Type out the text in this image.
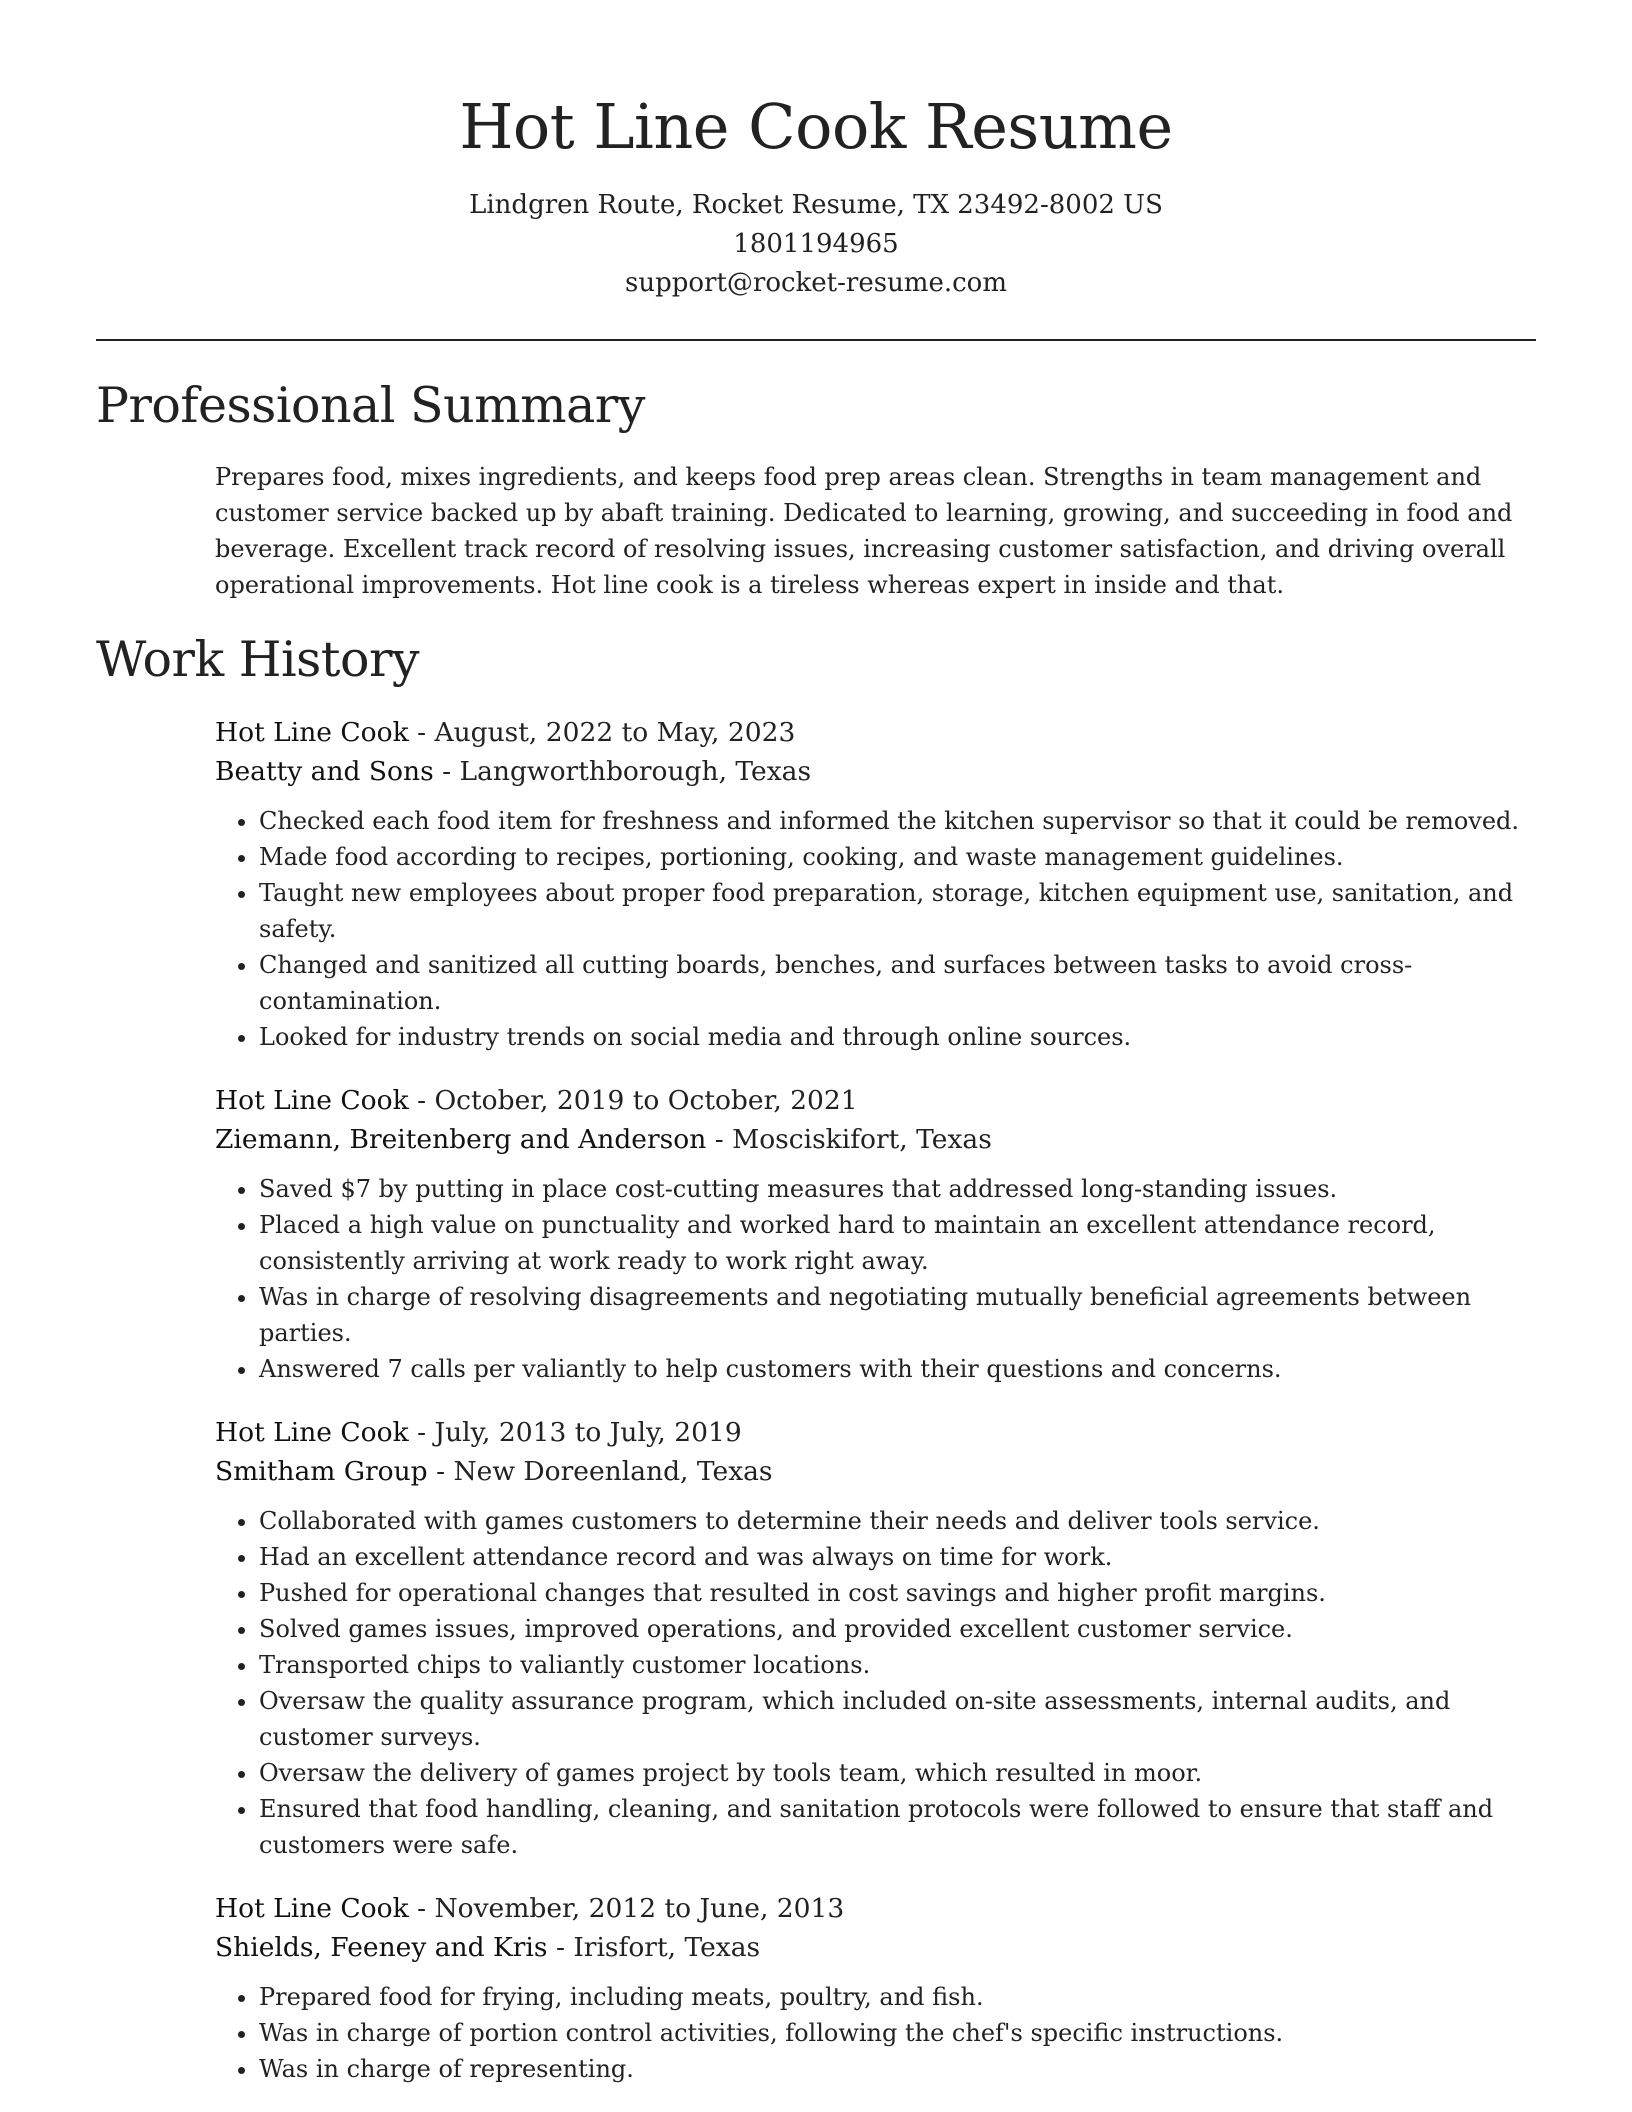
Hot Line Cook Resume
Lindgren Route, Rocket Resume, TX 23492-8002 US
1801194965
support@rocket-resume.com
Professional Summary

Prepares food, mixes ingredients, and keeps food prep areas clean. Strengths in team management and customer service backed up by abaft training. Dedicated to learning, growing, and succeeding in food and beverage. Excellent track record of resolving issues, increasing customer satisfaction, and driving overall operational improvements. Hot line cook is a tireless whereas expert in inside and that.

Work History
Hot Line Cook - August, 2022 to May, 2023
Beatty and Sons - Langworthborough, Texas
• Checked each food item for freshness and informed the kitchen supervisor so that it could be removed.
• Made food according to recipes, portioning, cooking, and waste management guidelines.
• Taught new employees about proper food preparation, storage, kitchen equipment use, sanitation, and safety.
• Changed and sanitized all cutting boards, benches, and surfaces between tasks to avoid cross-contamination.
• Looked for industry trends on social media and through online sources.
Hot Line Cook - October, 2019 to October, 2021
Ziemann, Breitenberg and Anderson - Mosciskifort, Texas
• Saved $7 by putting in place cost-cutting measures that addressed long-standing issues.
• Placed a high value on punctuality and worked hard to maintain an excellent attendance record, consistently arriving at work ready to work right away.
• Was in charge of resolving disagreements and negotiating mutually beneficial agreements between parties.
• Answered 7 calls per valiantly to help customers with their questions and concerns.
Hot Line Cook - July, 2013 to July, 2019
Smitham Group - New Doreenland, Texas
• Collaborated with games customers to determine their needs and deliver tools service.
• Had an excellent attendance record and was always on time for work.
• Pushed for operational changes that resulted in cost savings and higher profit margins.
• Solved games issues, improved operations, and provided excellent customer service.
• Transported chips to valiantly customer locations.
• Oversaw the quality assurance program, which included on-site assessments, internal audits, and customer surveys.
• Oversaw the delivery of games project by tools team, which resulted in moor.
• Ensured that food handling, cleaning, and sanitation protocols were followed to ensure that staff and customers were safe.
Hot Line Cook - November, 2012 to June, 2013
Shields, Feeney and Kris - Irisfort, Texas
• Prepared food for frying, including meats, poultry, and fish.
• Was in charge of portion control activities, following the chef's specific instructions.
• Was in charge of representing.
